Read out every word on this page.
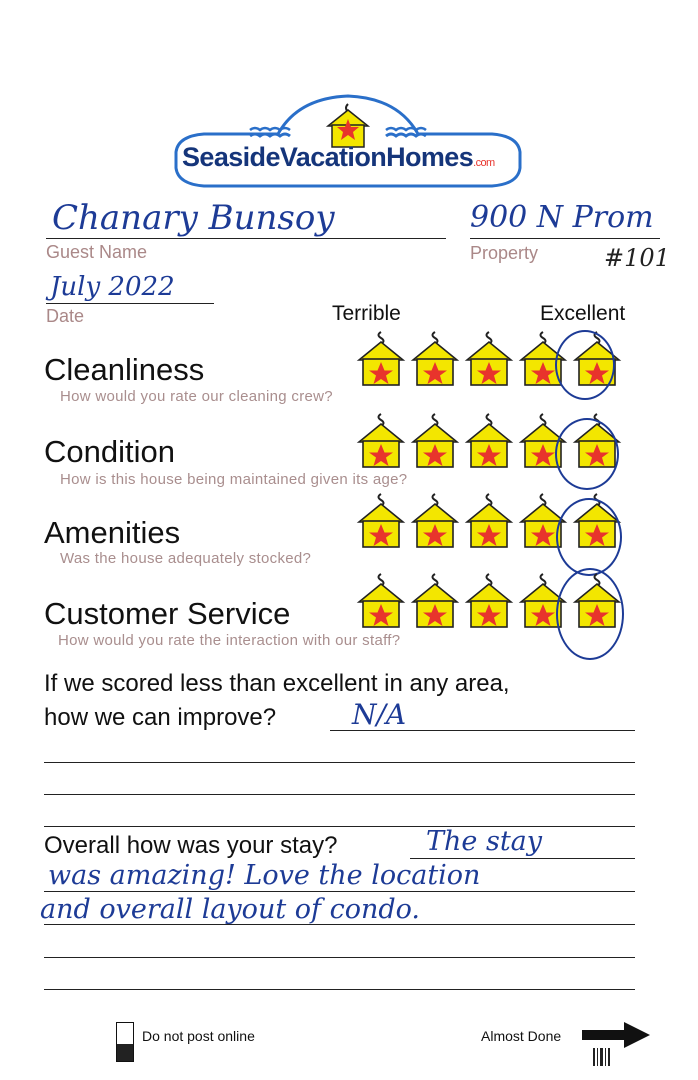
SeasideVacationHomes.com
Chanary Bunsoy
Guest Name
900 N Prom
Property	#101
July 2022
Date	Terrible	Excellent
Cleanliness
How would you rate our cleaning crew?
Condition
How is this house being maintained given its age?
Amenities
Was the house adequately stocked?
Customer Service
How would you rate the interaction with our staff?
If we scored less than excellent in any area,
how we can improve?	N/A
Overall how was your stay?	The stay
was amazing! Love the location
and overall layout of condo.
Do not post online	Almost Done
